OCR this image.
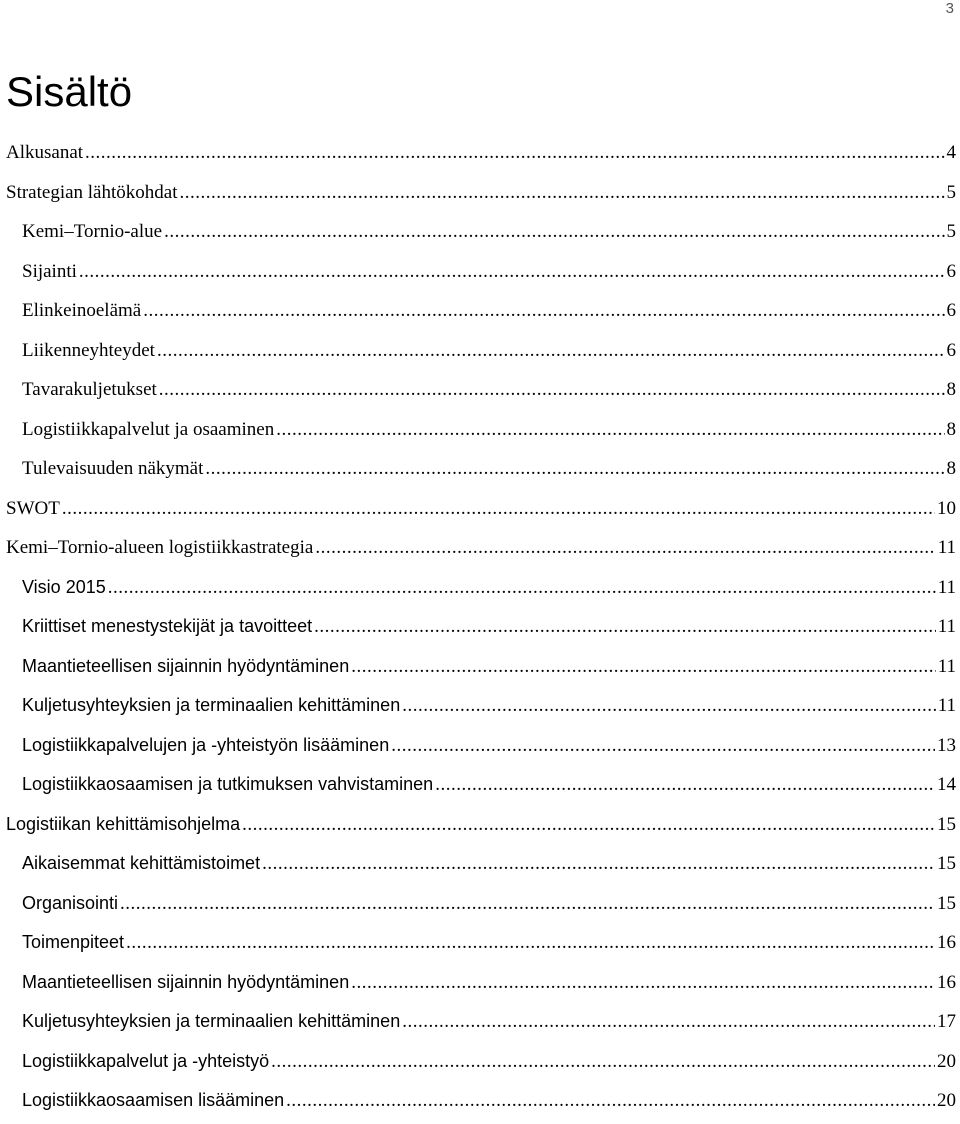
3
Sisältö
Alkusanat .....	4
Strategian lähtökohdat .....	5
Kemi–Tornio-alue .....	5
Sijainti .....	6
Elinkeinoelämä .....	6
Liikenneyhteydet .....	6
Tavarakuljetukset .....	8
Logistiikkapalvelut ja osaaminen .....	8
Tulevaisuuden näkymät .....	8
SWOT .....	10
Kemi–Tornio-alueen logistiikkastrategia .....	11
Visio 2015 .....	11
Kriittiset menestystekijät ja tavoitteet .....	11
Maantieteellisen sijainnin hyödyntäminen .....	11
Kuljetusyhteyksien ja terminaalien kehittäminen .....	11
Logistiikkapalvelujen ja -yhteistyön lisääminen .....	13
Logistiikkaosaamisen ja tutkimuksen vahvistaminen .....	14
Logistiikan kehittämisohjelma .....	15
Aikaisemmat kehittämistoimet .....	15
Organisointi .....	15
Toimenpiteet .....	16
Maantieteellisen sijainnin hyödyntäminen .....	16
Kuljetusyhteyksien ja terminaalien kehittäminen .....	17
Logistiikkapalvelut ja -yhteistyö .....	20
Logistiikkaosaamisen lisääminen .....	20
